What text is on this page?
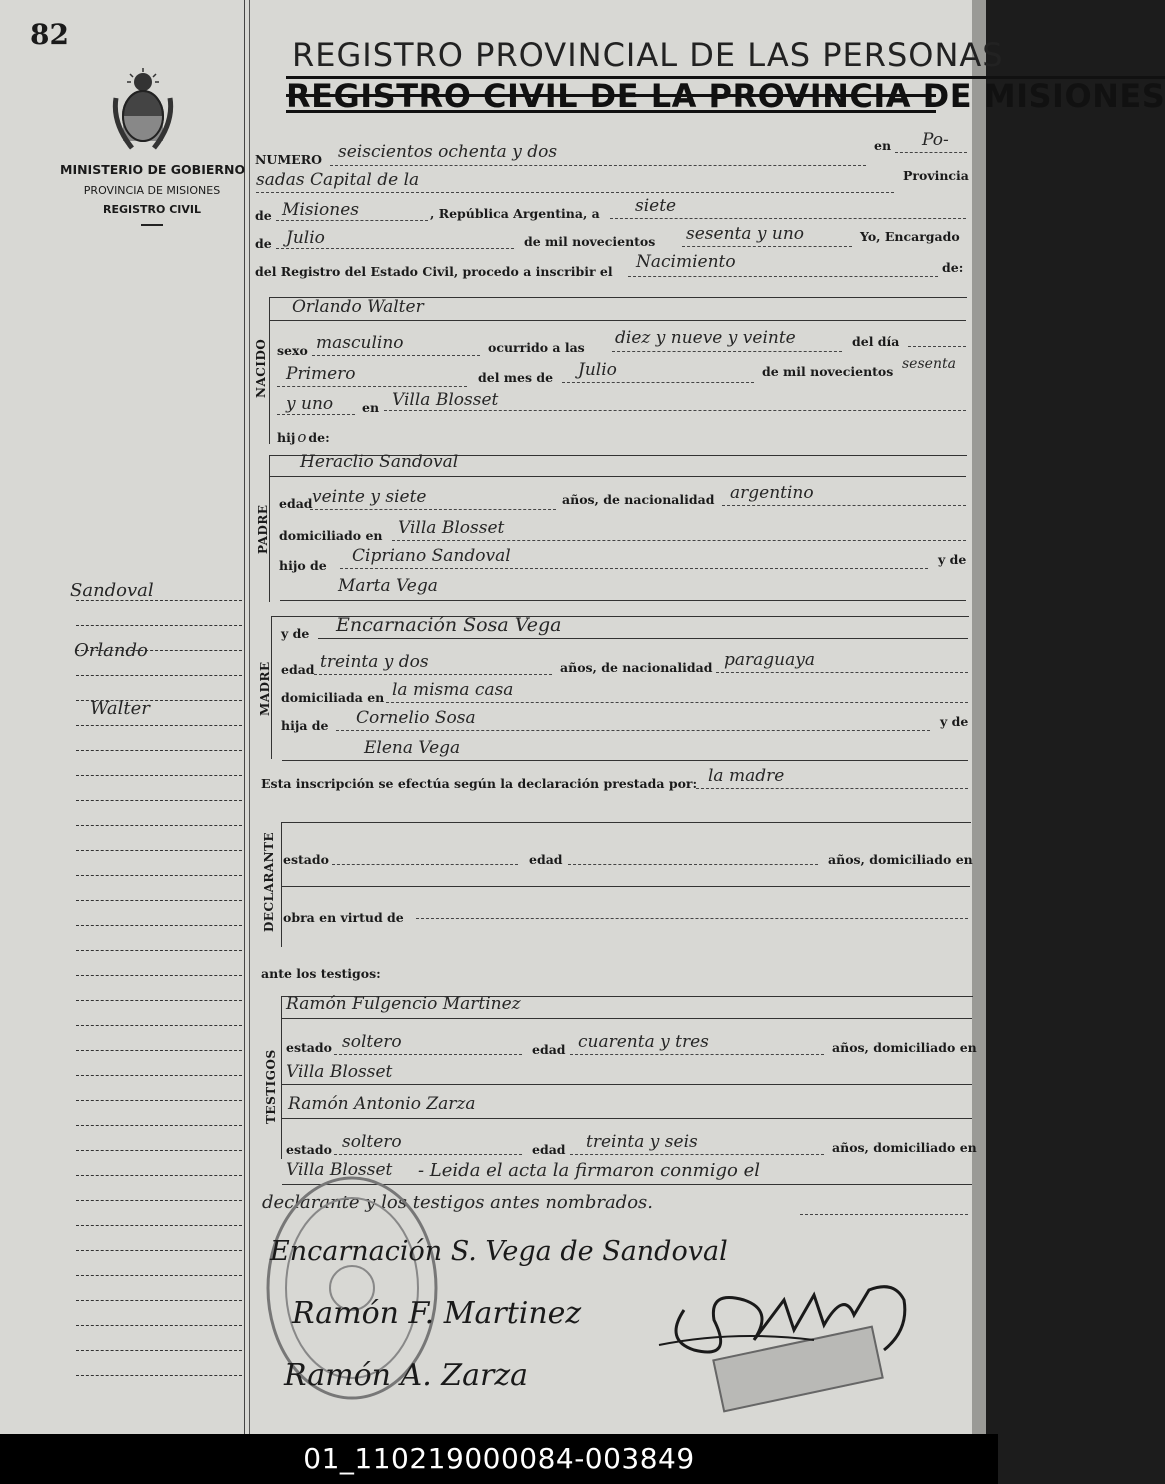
82
MINISTERIO DE GOBIERNO
PROVINCIA DE MISIONES
REGISTRO CIVIL
Sandoval
Orlando
Walter
REGISTRO PROVINCIAL DE LAS PERSONAS
REGISTRO CIVIL DE LA PROVINCIA DE MISIONES
NUMERO seiscientos ochenta y dos	en Po-
sadas Capital de la	Provincia
de Misiones	, República Argentina, a siete
de Julio	de mil novecientos sesenta y uno	Yo, Encargado
del Registro del Estado Civil, procedo a inscribir el Nacimiento	de:
NACIDO
Orlando Walter
sexo masculino	ocurrido a las diez y nueve y veinte	del día
Primero	del mes de Julio	de mil novecientos sesenta
y uno en Villa Blosset
hij o de:
PADRE
Heraclio Sandoval
edad veinte y siete	años, de nacionalidad argentino
domiciliado en Villa Blosset
hijo de Cipriano Sandoval	y de
Marta Vega
MADRE
y de Encarnación Sosa Vega
edad treinta y dos	años, de nacionalidad paraguaya
domiciliada en la misma casa
hija de Cornelio Sosa	y de
Elena Vega
Esta inscripción se efectúa según la declaración prestada por: la madre
DECLARANTE estado	edad	años, domiciliado en
obra en virtud de
ante los testigos:
TESTIGOS
Ramón Fulgencio Martinez
estado soltero	edad cuarenta y tres	años, domiciliado en
Villa Blosset
Ramón Antonio Zarza
estado soltero	edad treinta y seis	años, domiciliado en
Villa Blosset - Leida el acta la firmaron conmigo el
declarante y los testigos antes nombrados.
Encarnación S. Vega de Sandoval
Ramón F. Martinez
Ramón A. Zarza
01_110219000084-003849
